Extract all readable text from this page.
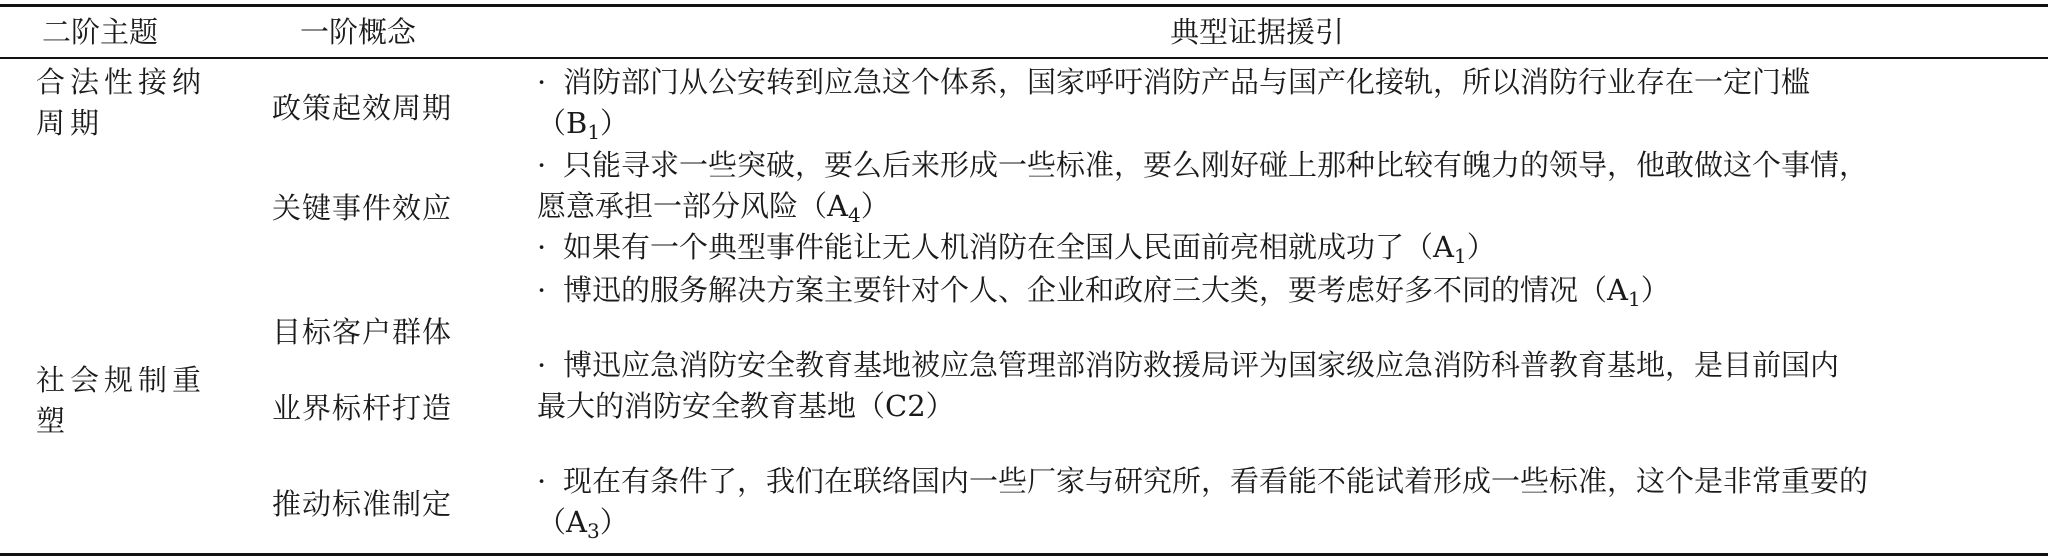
二阶主题	一阶概念	典型证据援引
合法性接纳
周期
社会规制重
塑
政策起效周期
关键事件效应
目标客户群体
业界标杆打造
推动标准制定
· 消防部门从公安转到应急这个体系，国家呼吁消防产品与国产化接轨，所以消防行业存在一定门槛
$(B_1)$
· 只能寻求一些突破，要么后来形成一些标准，要么刚好碰上那种比较有魄力的领导，他敢做这个事情，
愿意承担一部分风险$(A_4)$
· 如果有一个典型事件能让无人机消防在全国人民面前亮相就成功了$(A_1)$
· 博迅的服务解决方案主要针对个人、企业和政府三大类，要考虑好多不同的情况$(A_1)$
· 博迅应急消防安全教育基地被应急管理部消防救援局评为国家级应急消防科普教育基地，是目前国内
最大的消防安全教育基地（C2）
· 现在有条件了，我们在联络国内一些厂家与研究所，看看能不能试着形成一些标准，这个是非常重要的
$(A_3)$
